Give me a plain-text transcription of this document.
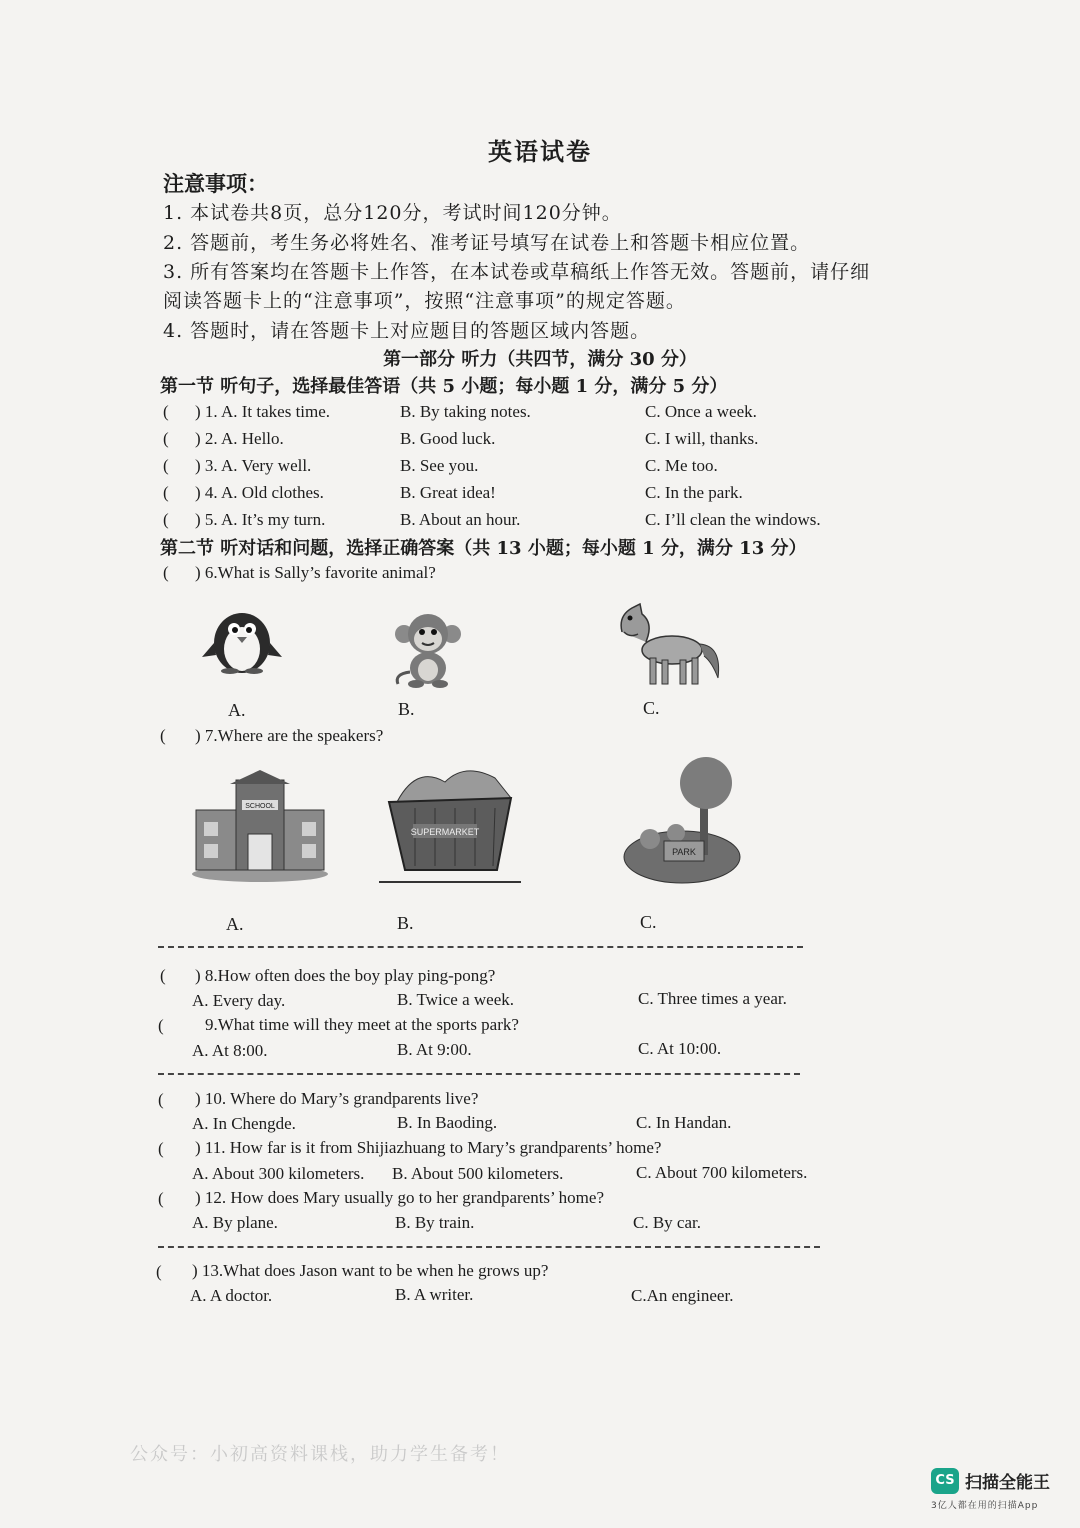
英语试卷
注意事项：
1. 本试卷共8页，总分120分，考试时间120分钟。
2. 答题前，考生务必将姓名、准考证号填写在试卷上和答题卡相应位置。
3. 所有答案均在答题卡上作答，在本试卷或草稿纸上作答无效。答题前，请仔细
阅读答题卡上的“注意事项”，按照“注意事项”的规定答题。
4. 答题时，请在答题卡上对应题目的答题区域内答题。
第一部分 听力（共四节，满分 30 分）
第一节 听句子，选择最佳答语（共 5 小题；每小题 1 分，满分 5 分）
( ) 1. A. It takes time.	B. By taking notes.	C. Once a week.
( ) 2. A. Hello.	B. Good luck.	C. I will, thanks.
( ) 3. A. Very well.	B. See you.	C. Me too.
( ) 4. A. Old clothes.	B. Great idea!	C. In the park.
( ) 5. A. It’s my turn.	B. About an hour.	C. I’ll clean the windows.
第二节 听对话和问题，选择正确答案（共 13 小题；每小题 1 分，满分 13 分）
( ) 6.What is Sally’s favorite animal?
A.	B.	C.
( ) 7.Where are the speakers?
SCHOOL
SUPERMARKET
PARK
A.	B.	C.
( ) 8.How often does the boy play ping-pong?
A. Every day.	B. Twice a week.	C. Three times a year.
( 9.What time will they meet at the sports park?
A. At 8:00.	B. At 9:00.	C. At 10:00.
( ) 10. Where do Mary’s grandparents live?
A. In Chengde.	B. In Baoding.	C. In Handan.
( ) 11. How far is it from Shijiazhuang to Mary’s grandparents’ home?
A. About 300 kilometers. B. About 500 kilometers.	C. About 700 kilometers.
( ) 12. How does Mary usually go to her grandparents’ home?
A. By plane.	B. By train.	C. By car.
( ) 13.What does Jason want to be when he grows up?
A. A doctor.	B. A writer.	C.An engineer.
公众号：小初高资料课栈，助力学生备考！
CS 扫描全能王
3亿人都在用的扫描App
